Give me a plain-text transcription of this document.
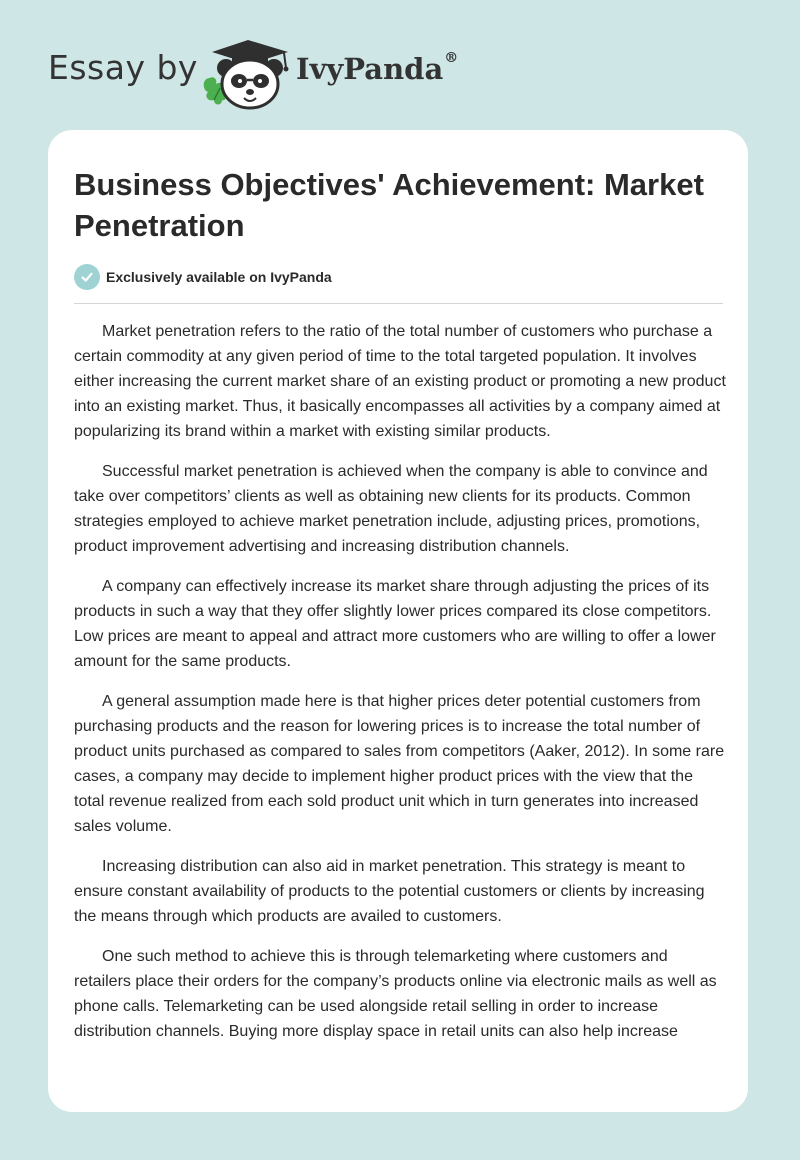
Essay by	IvyPanda®
Business Objectives' Achievement: Market Penetration
Exclusively available on IvyPanda

Market penetration refers to the ratio of the total number of customers who purchase a certain commodity at any given period of time to the total targeted population. It involves either increasing the current market share of an existing product or promoting a new product into an existing market. Thus, it basically encompasses all activities by a company aimed at popularizing its brand within a market with existing similar products.

Successful market penetration is achieved when the company is able to convince and take over competitors’ clients as well as obtaining new clients for its products. Common strategies employed to achieve market penetration include, adjusting prices, promotions, product improvement advertising and increasing distribution channels.

A company can effectively increase its market share through adjusting the prices of its products in such a way that they offer slightly lower prices compared its close competitors. Low prices are meant to appeal and attract more customers who are willing to offer a lower amount for the same products.

A general assumption made here is that higher prices deter potential customers from purchasing products and the reason for lowering prices is to increase the total number of product units purchased as compared to sales from competitors (Aaker, 2012). In some rare cases, a company may decide to implement higher product prices with the view that the total revenue realized from each sold product unit which in turn generates into increased sales volume.

Increasing distribution can also aid in market penetration. This strategy is meant to ensure constant availability of products to the potential customers or clients by increasing the means through which products are availed to customers.

One such method to achieve this is through telemarketing where customers and retailers place their orders for the company’s products online via electronic mails as well as phone calls. Telemarketing can be used alongside retail selling in order to increase distribution channels. Buying more display space in retail units can also help increase
